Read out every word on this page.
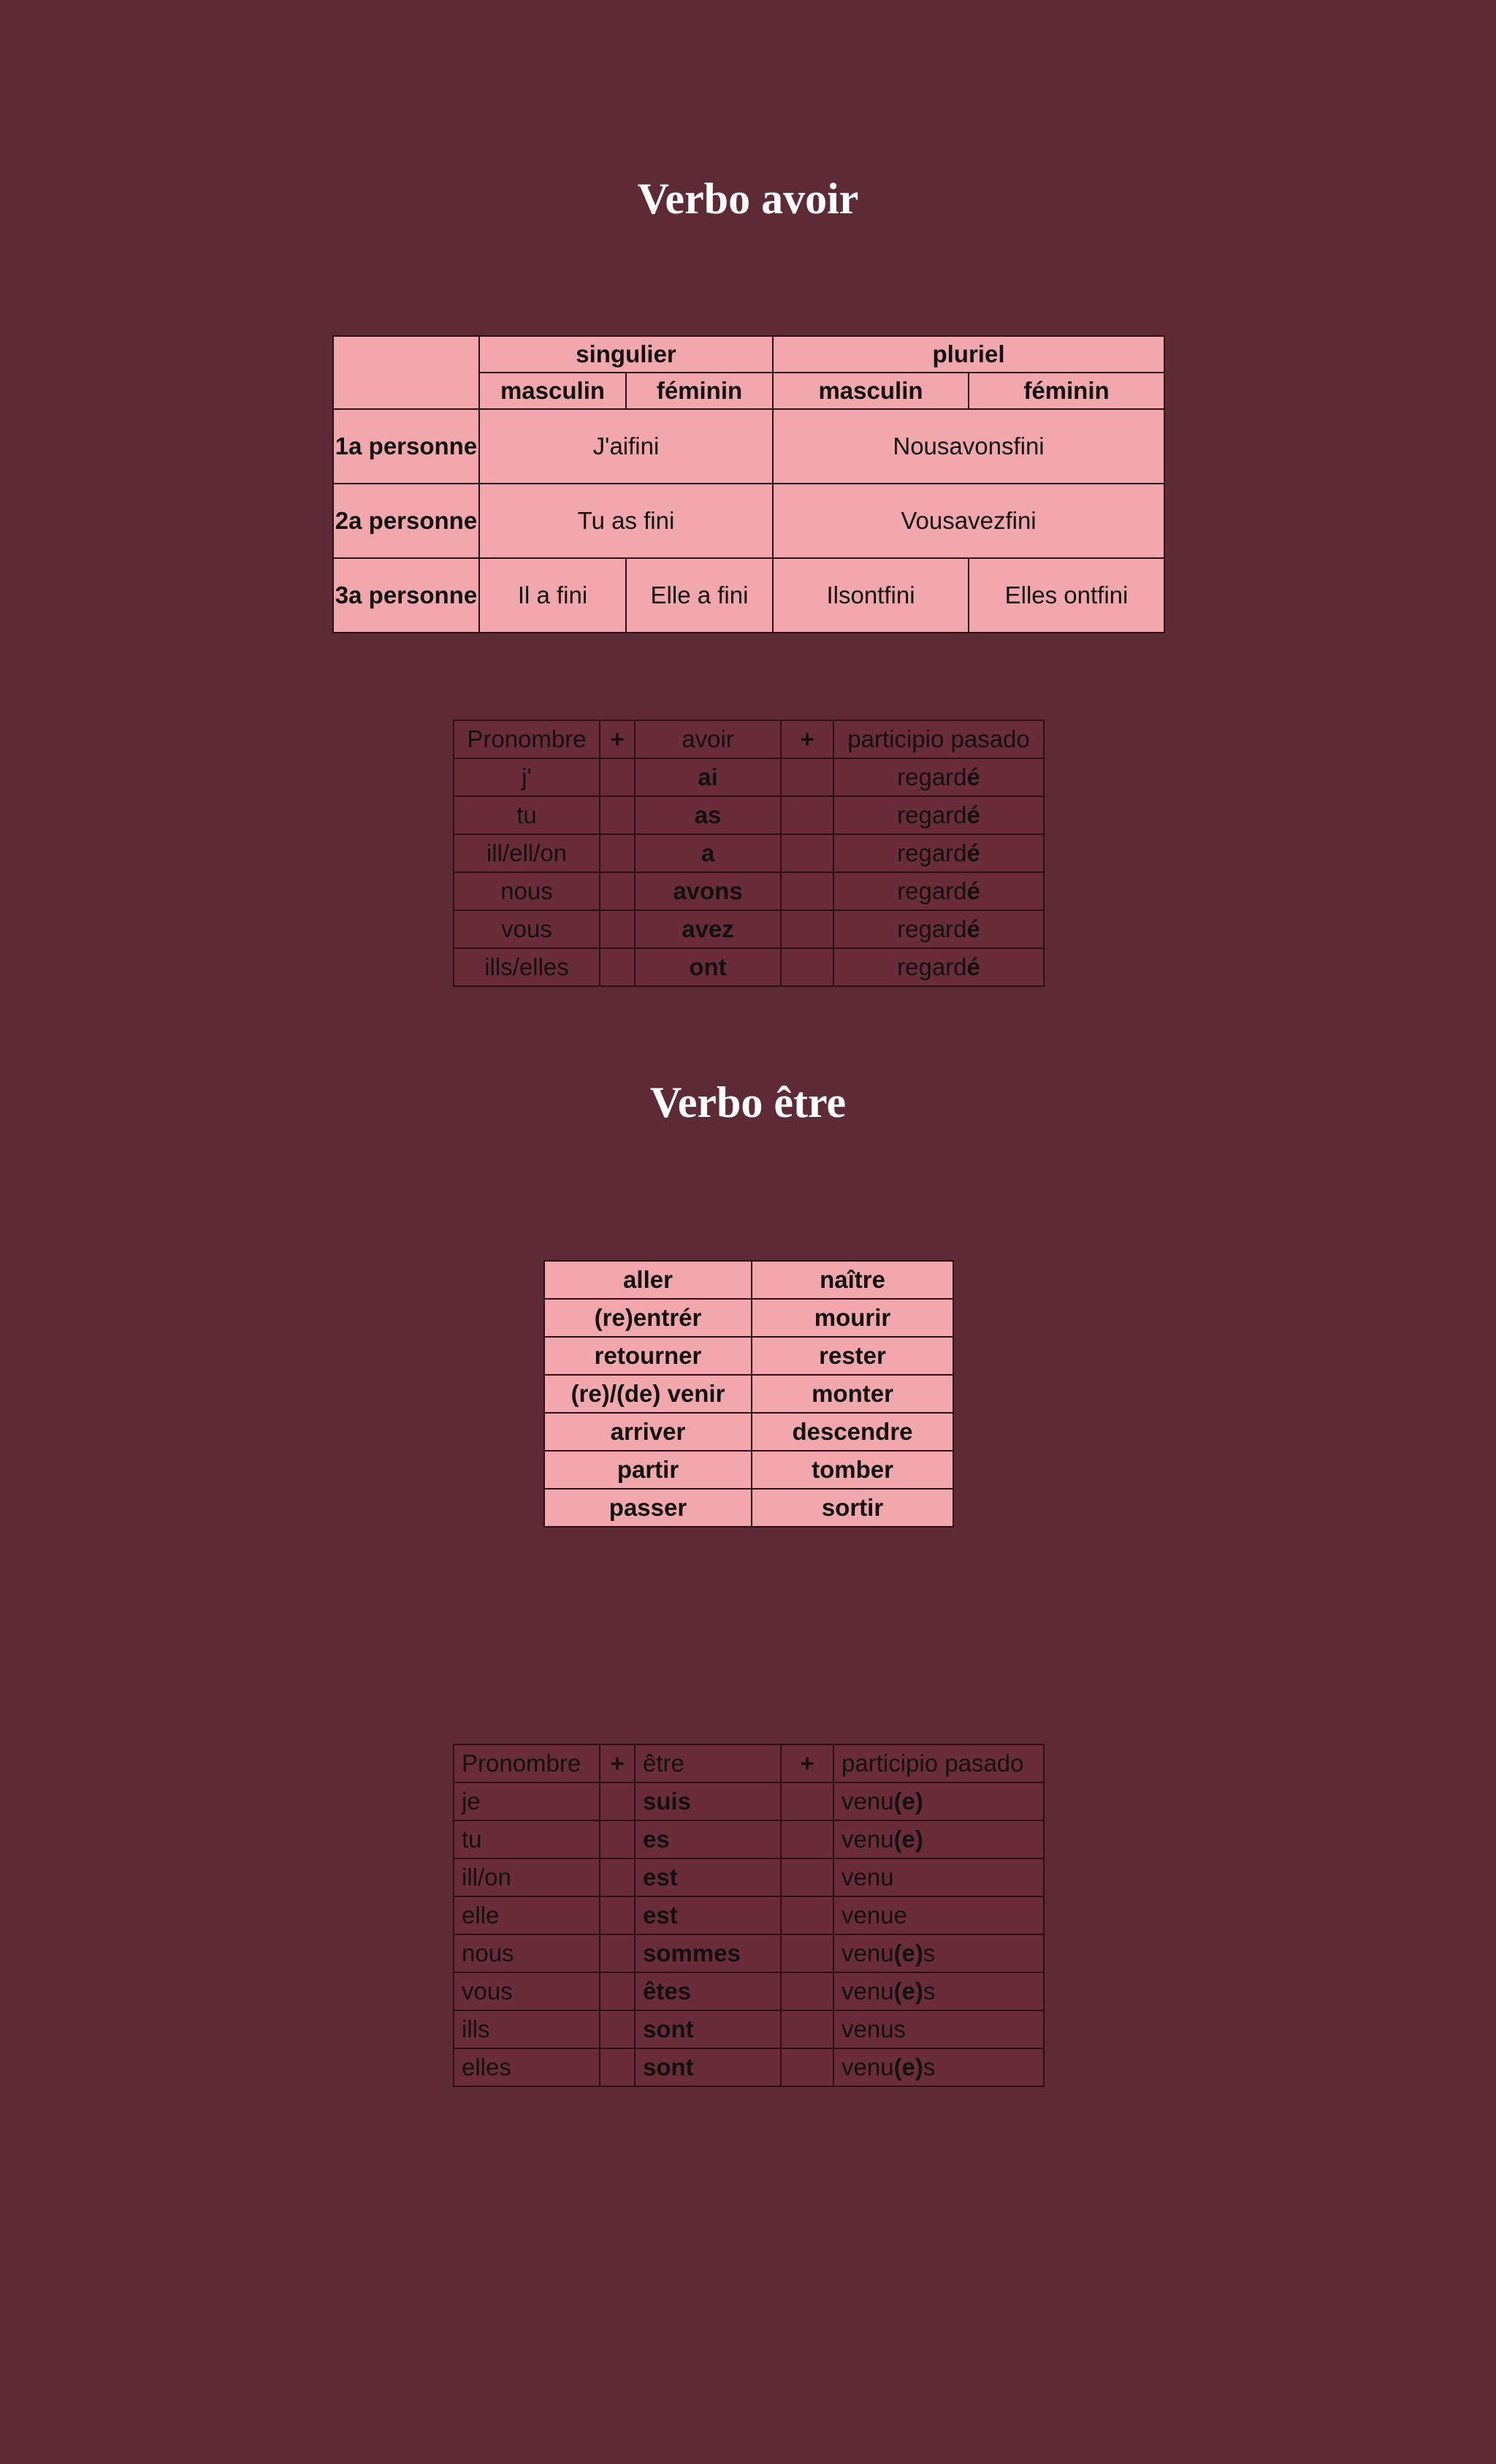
Verbo avoir
	singulier		pluriel	
	masculin	féminin	masculin	féminin
1a personne	J'aifini		Nousavonsfini	
2a personne	Tu as fini		Vousavezfini	
3a personne	Il a fini	Elle a fini	Ilsontfini	Elles ontfini
Pronombre	+	avoir	+	participio pasado
j'		ai		regardé
tu		as		regardé
ill/ell/on		a		regardé
nous		avons		regardé
vous		avez		regardé
ills/elles		ont		regardé
Verbo être
aller	naître
(re)entrér	mourir
retourner	rester
(re)/(de) venir	monter
arriver	descendre
partir	tomber
passer	sortir
Pronombre	+	être	+	participio pasado
je		suis		venu(e)
tu		es		venu(e)
ill/on		est		venu
elle		est		venue
nous		sommes		venu(e)s
vous		êtes		venu(e)s
ills		sont		venus
elles		sont		venu(e)s
